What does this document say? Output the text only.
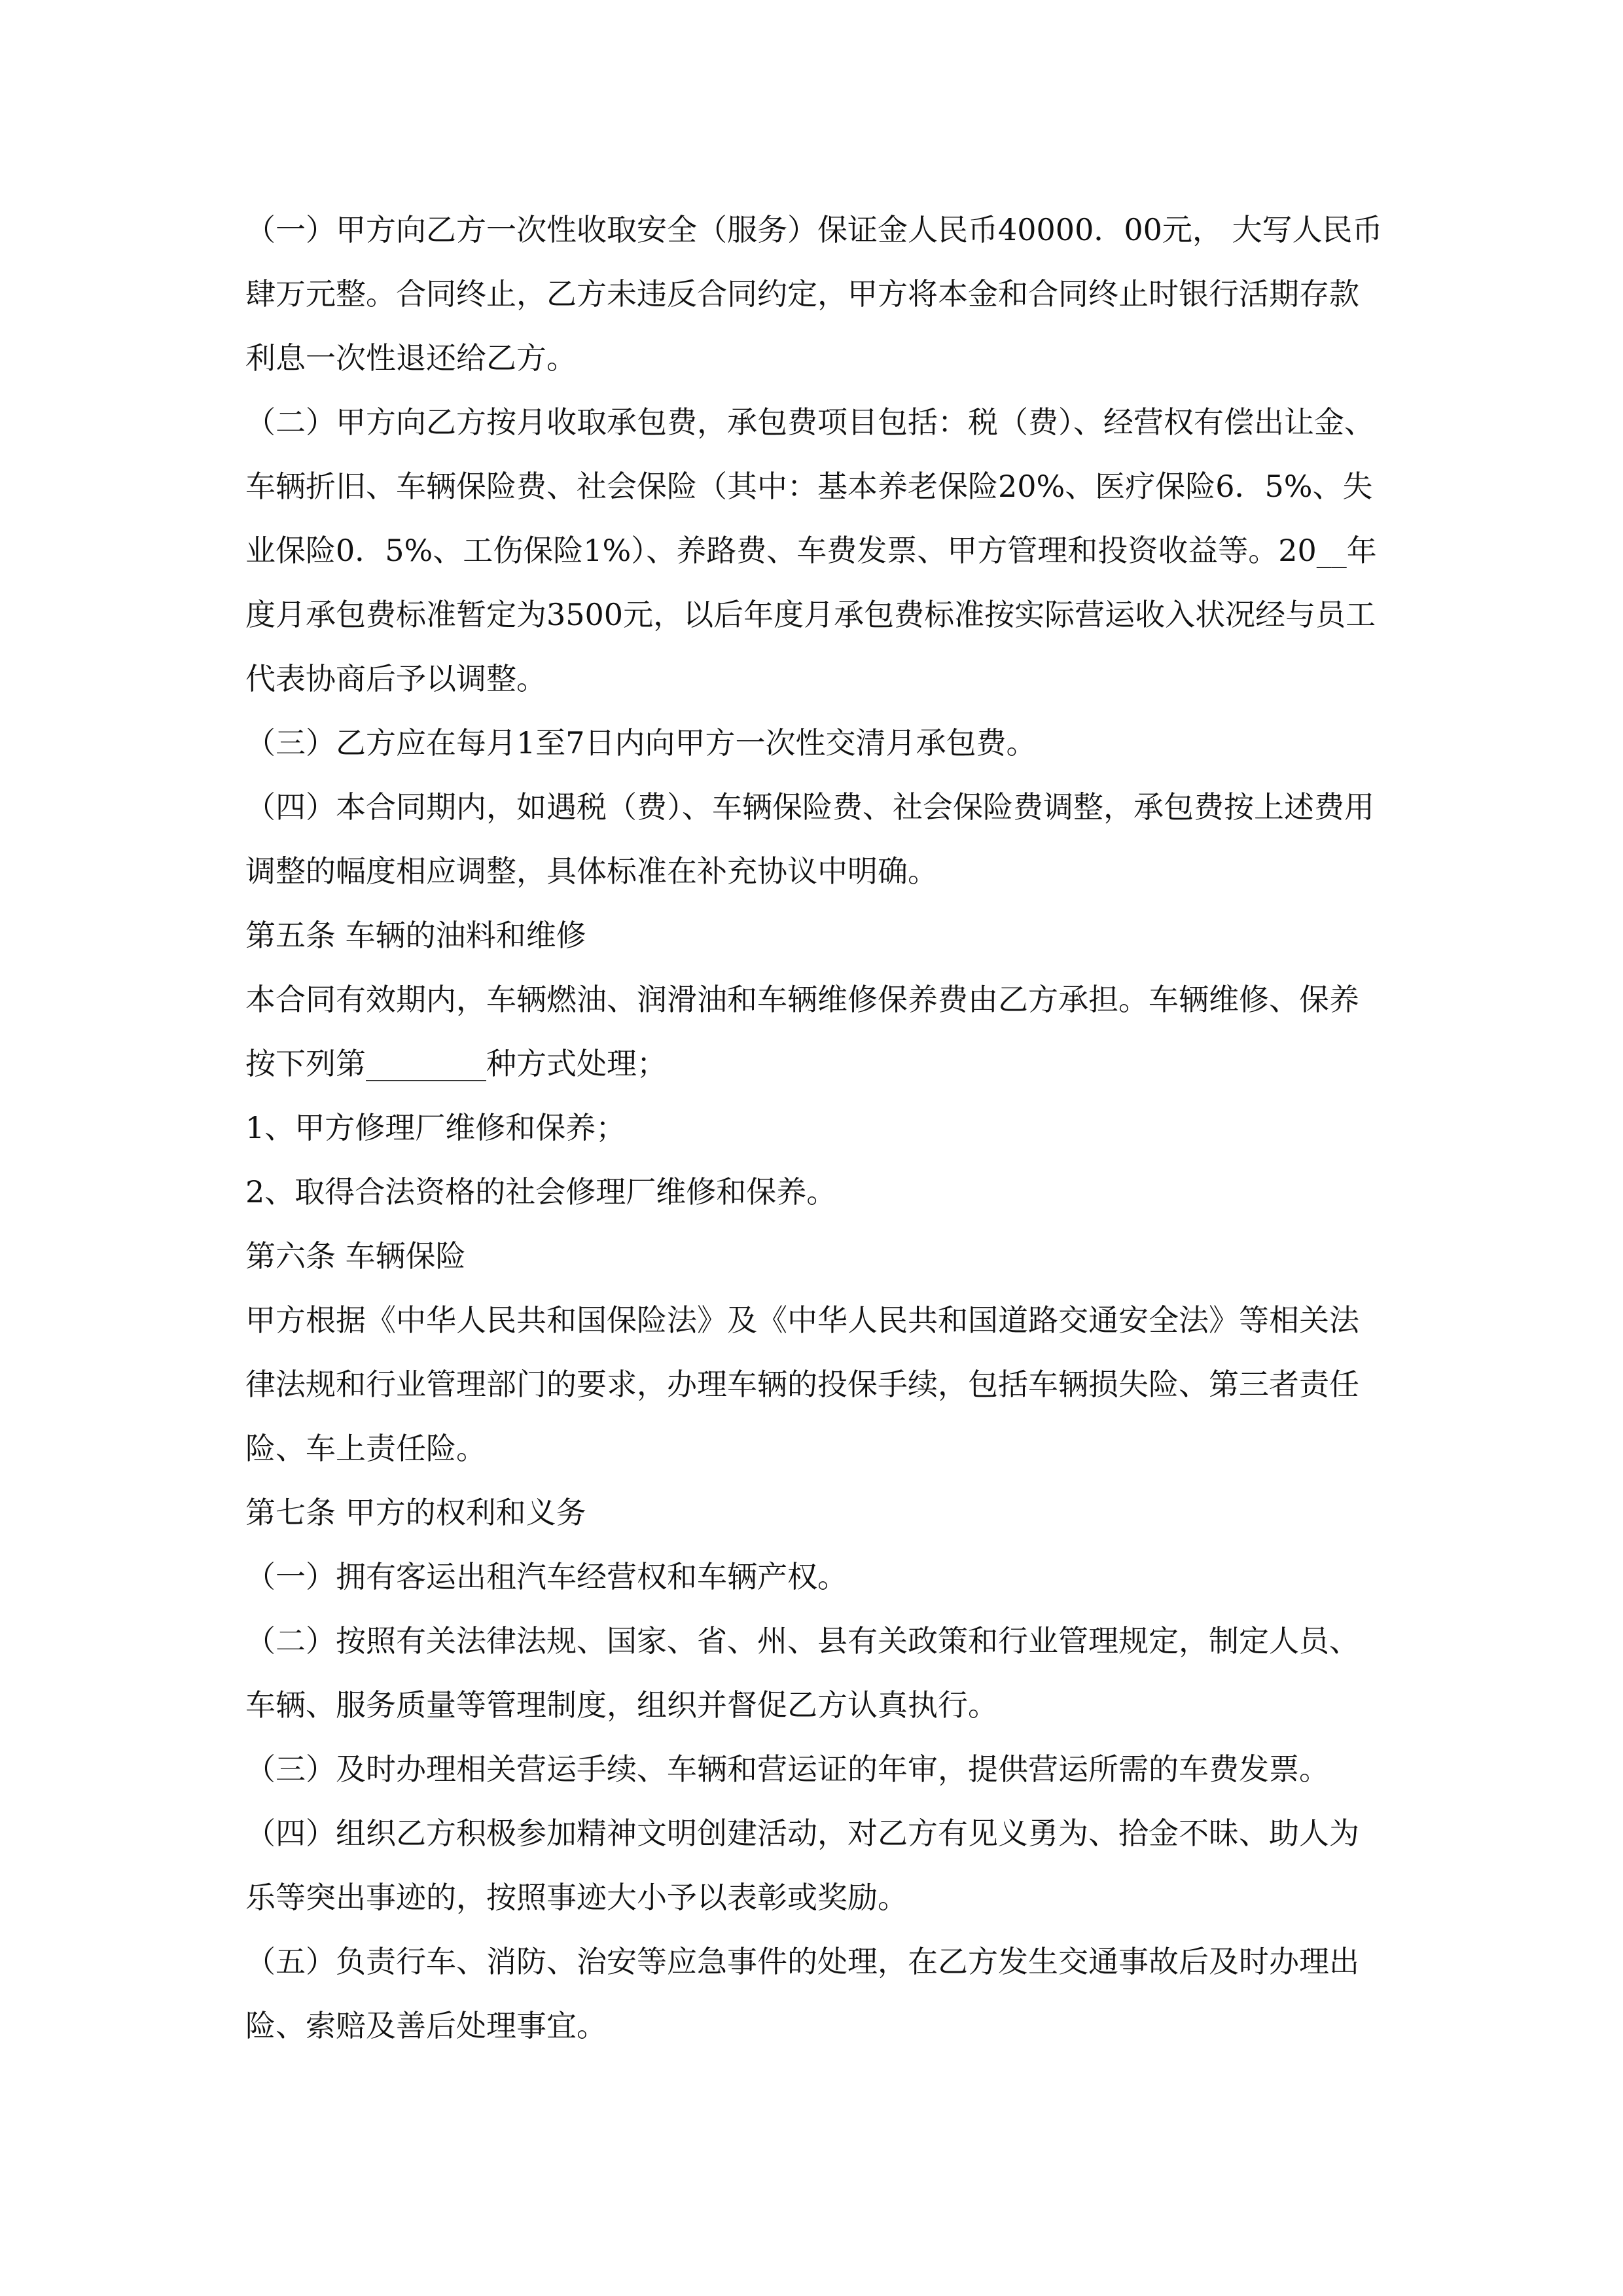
（一）甲方向乙方一次性收取安全（服务）保证金人民币40000．00元， 大写人民币肆万元整。合同终止，乙方未违反合同约定，甲方将本金和合同终止时银行活期存款利息一次性退还给乙方。

（二）甲方向乙方按月收取承包费，承包费项目包括：税（费）、经营权有偿出让金、车辆折旧、车辆保险费、社会保险（其中：基本养老保险20%、医疗保险6．5%、失业保险0．5%、工伤保险1%）、养路费、车费发票、甲方管理和投资收益等。20__年度月承包费标准暂定为3500元，以后年度月承包费标准按实际营运收入状况经与员工代表协商后予以调整。

（三）乙方应在每月1至7日内向甲方一次性交清月承包费。

（四）本合同期内，如遇税（费）、车辆保险费、社会保险费调整，承包费按上述费用调整的幅度相应调整，具体标准在补充协议中明确。

第五条 车辆的油料和维修

本合同有效期内，车辆燃油、润滑油和车辆维修保养费由乙方承担。车辆维修、保养按下列第________种方式处理；

1、甲方修理厂维修和保养；

2、取得合法资格的社会修理厂维修和保养。

第六条 车辆保险

甲方根据《中华人民共和国保险法》及《中华人民共和国道路交通安全法》等相关法律法规和行业管理部门的要求，办理车辆的投保手续，包括车辆损失险、第三者责任险、车上责任险。

第七条 甲方的权利和义务

（一）拥有客运出租汽车经营权和车辆产权。

（二）按照有关法律法规、国家、省、州、县有关政策和行业管理规定，制定人员、车辆、服务质量等管理制度，组织并督促乙方认真执行。

（三）及时办理相关营运手续、车辆和营运证的年审，提供营运所需的车费发票。

（四）组织乙方积极参加精神文明创建活动，对乙方有见义勇为、拾金不昧、助人为乐等突出事迹的，按照事迹大小予以表彰或奖励。

（五）负责行车、消防、治安等应急事件的处理，在乙方发生交通事故后及时办理出险、索赔及善后处理事宜。
